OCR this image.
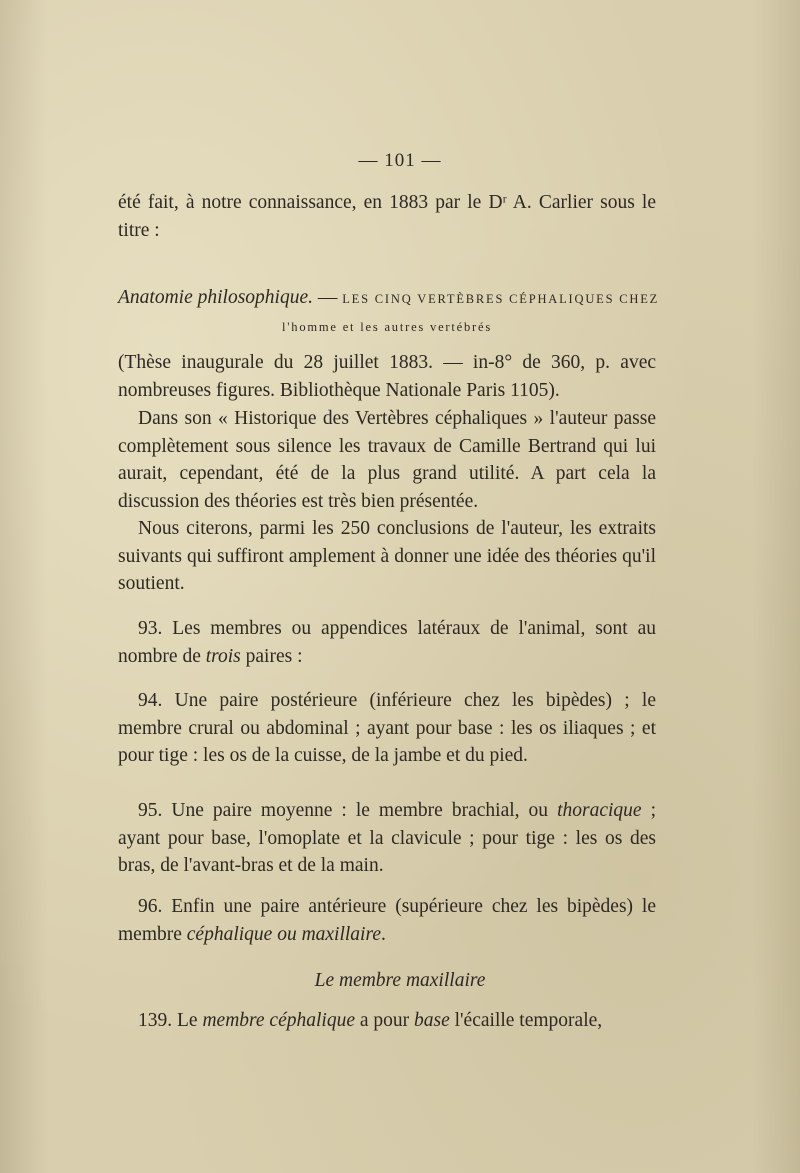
— 101 —
été fait, à notre connaissance, en 1883 par le Dʳ A. Carlier sous le titre :
Anatomie philosophique. — LES CINQ VERTÈBRES CÉPHALIQUES CHEZ
l'homme et les autres vertébrés
(Thèse inaugurale du 28 juillet 1883. — in-8° de 360, p. avec nombreuses figures. Bibliothèque Nationale Paris 1105).
Dans son « Historique des Vertèbres céphaliques » l'auteur passe complètement sous silence les travaux de Camille Bertrand qui lui aurait, cependant, été de la plus grand utilité. A part cela la discussion des théories est très bien présentée.
Nous citerons, parmi les 250 conclusions de l'auteur, les extraits suivants qui suffiront amplement à donner une idée des théories qu'il soutient.
93. Les membres ou appendices latéraux de l'animal, sont au nombre de trois paires :
94. Une paire postérieure (inférieure chez les bipèdes) ; le membre crural ou abdominal ; ayant pour base : les os iliaques ; et pour tige : les os de la cuisse, de la jambe et du pied.
95. Une paire moyenne : le membre brachial, ou thoracique ; ayant pour base, l'omoplate et la clavicule ; pour tige : les os des bras, de l'avant-bras et de la main.
96. Enfin une paire antérieure (supérieure chez les bipèdes) le membre céphalique ou maxillaire.
Le membre maxillaire
139. Le membre céphalique a pour base l'écaille temporale,
